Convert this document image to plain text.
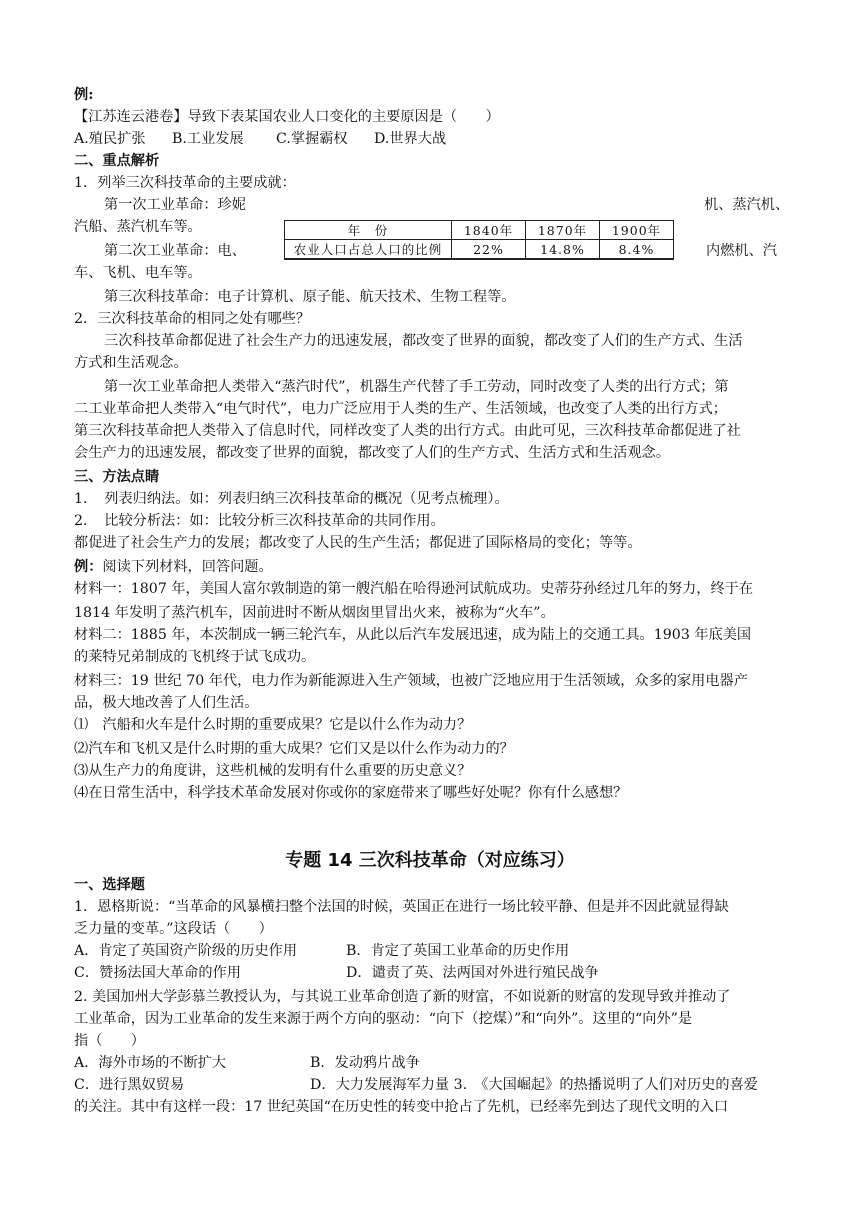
例:
【江苏连云港卷】导致下表某国农业人口变化的主要原因是（　　）
A.殖民扩张 B.工业发展 C.掌握霸权 D.世界大战
二、重点解析
1．列举三次科技革命的主要成就：
第一次工业革命：珍妮	机、蒸汽机、
汽船、蒸汽机车等。
第二次工业革命：电、	内燃机、汽
车、飞机、电车等。
年　份	1840年	1870年	1900年
农业人口占总人口的比例	22%	14.8%	8.4%
第三次科技革命：电子计算机、原子能、航天技术、生物工程等。
2．三次科技革命的相同之处有哪些？
三次科技革命都促进了社会生产力的迅速发展，都改变了世界的面貌，都改变了人们的生产方式、生活
方式和生活观念。
第一次工业革命把人类带入“蒸汽时代”，机器生产代替了手工劳动，同时改变了人类的出行方式；第
二工业革命把人类带入“电气时代”，电力广泛应用于人类的生产、生活领域，也改变了人类的出行方式；
第三次科技革命把人类带入了信息时代，同样改变了人类的出行方式。由此可见，三次科技革命都促进了社
会生产力的迅速发展，都改变了世界的面貌，都改变了人们的生产方式、生活方式和生活观念。
三、方法点睛
1．　列表归纳法。如：列表归纳三次科技革命的概况（见考点梳理）。
2．　比较分析法：如：比较分析三次科技革命的共同作用。
都促进了社会生产力的发展；都改变了人民的生产生活；都促进了国际格局的变化；等等。
例：阅读下列材料，回答问题。
材料一：1807 年，美国人富尔敦制造的第一艘汽船在哈得逊河试航成功。史蒂芬孙经过几年的努力，终于在
1814 年发明了蒸汽机车，因前进时不断从烟囱里冒出火来，被称为“火车”。
材料二：1885 年，本茨制成一辆三轮汽车，从此以后汽车发展迅速，成为陆上的交通工具。1903 年底美国
的莱特兄弟制成的飞机终于试飞成功。
材料三：19 世纪 70 年代，电力作为新能源进入生产领域，也被广泛地应用于生活领域，众多的家用电器产
品，极大地改善了人们生活。
⑴　汽船和火车是什么时期的重要成果？它是以什么作为动力？
⑵汽车和飞机又是什么时期的重大成果？它们又是以什么作为动力的？
⑶从生产力的角度讲，这些机械的发明有什么重要的历史意义？
⑷在日常生活中，科学技术革命发展对你或你的家庭带来了哪些好处呢？你有什么感想？
专题 14 三次科技革命（对应练习）
一、选择题
1．恩格斯说：“当革命的风暴横扫整个法国的时候，英国正在进行一场比较平静、但是并不因此就显得缺
乏力量的变革。”这段话（　　）
A．肯定了英国资产阶级的历史作用	B．肯定了英国工业革命的历史作用
C．赞扬法国大革命的作用	D．谴责了英、法两国对外进行殖民战争
2. 美国加州大学彭慕兰教授认为，与其说工业革命创造了新的财富，不如说新的财富的发现导致并推动了
工业革命，因为工业革命的发生来源于两个方向的驱动：“向下（挖煤）”和“向外”。这里的“向外”是
指（　　）
A．海外市场的不断扩大	B．发动鸦片战争
C．进行黑奴贸易	D．大力发展海军力量 3.　《大国崛起》的热播说明了人们对历史的喜爱
的关注。其中有这样一段：17 世纪英国“在历史性的转变中抢占了先机，已经率先到达了现代文明的入口
